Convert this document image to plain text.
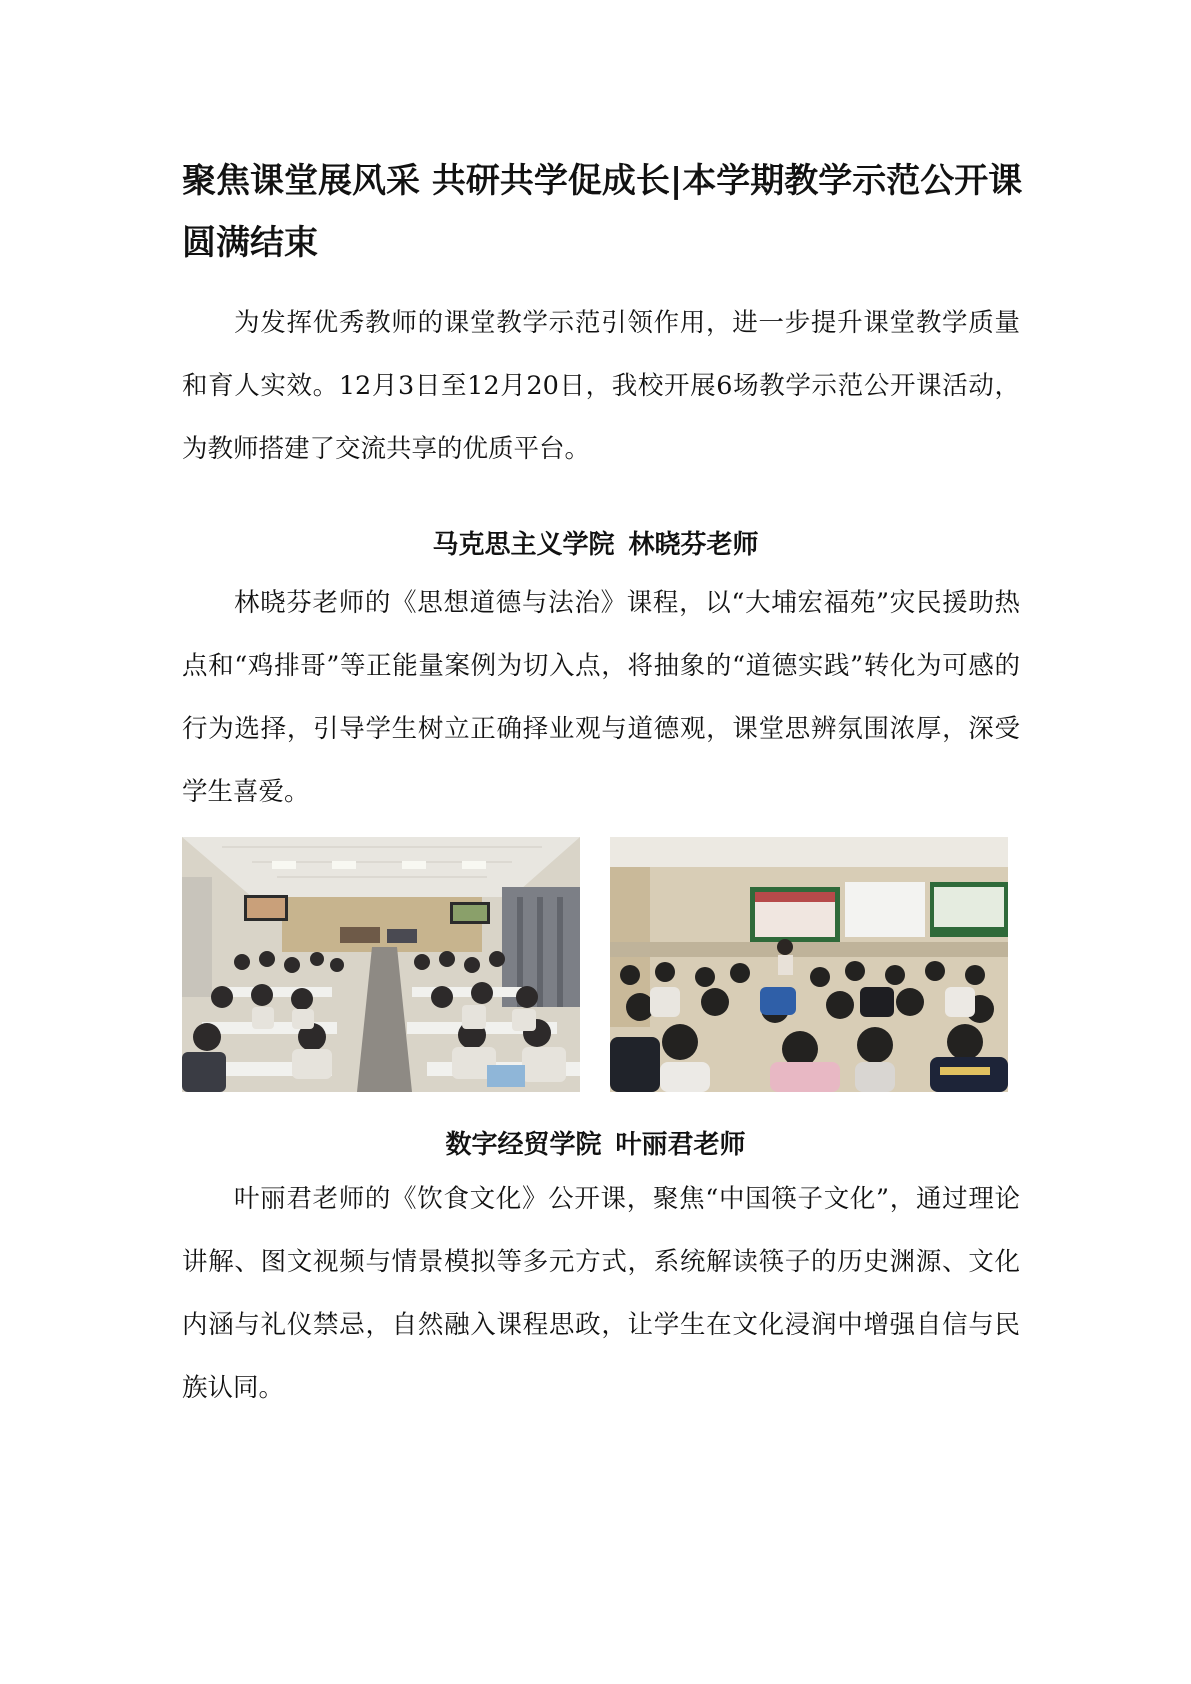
聚焦课堂展风采 共研共学促成长|本学期教学示范公开课圆满结束

为发挥优秀教师的课堂教学示范引领作用，进一步提升课堂教学质量和育人实效。12月3日至12月20日，我校开展6场教学示范公开课活动，为教师搭建了交流共享的优质平台。

马克思主义学院 林晓芬老师

林晓芬老师的《思想道德与法治》课程，以“大埔宏福苑”灾民援助热点和“鸡排哥”等正能量案例为切入点，将抽象的“道德实践”转化为可感的行为选择，引导学生树立正确择业观与道德观，课堂思辨氛围浓厚，深受学生喜爱。

数字经贸学院 叶丽君老师

叶丽君老师的《饮食文化》公开课，聚焦“中国筷子文化”，通过理论讲解、图文视频与情景模拟等多元方式，系统解读筷子的历史渊源、文化内涵与礼仪禁忌，自然融入课程思政，让学生在文化浸润中增强自信与民族认同。
